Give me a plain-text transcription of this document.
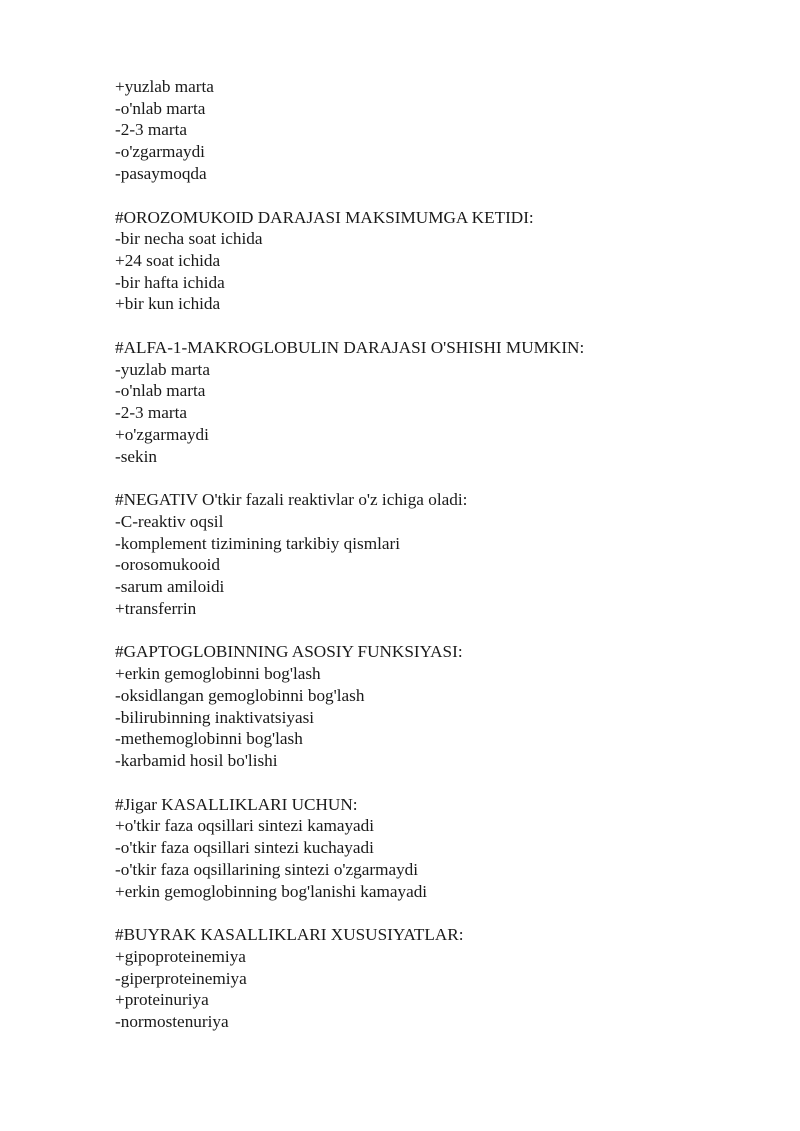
+yuzlab marta
-o'nlab marta
-2-3 marta
-o'zgarmaydi
-pasaymoqda
#OROZOMUKOID DARAJASI MAKSIMUMGA KETIDI:
-bir necha soat ichida
+24 soat ichida
-bir hafta ichida
+bir kun ichida
#ALFA-1-MAKROGLOBULIN DARAJASI O'SHISHI MUMKIN:
-yuzlab marta
-o'nlab marta
-2-3 marta
+o'zgarmaydi
-sekin
#NEGATIV O'tkir fazali reaktivlar o'z ichiga oladi:
-C-reaktiv oqsil
-komplement tizimining tarkibiy qismlari
-orosomukooid
-sarum amiloidi
+transferrin
#GAPTOGLOBINNING ASOSIY FUNKSIYASI:
+erkin gemoglobinni bog'lash
-oksidlangan gemoglobinni bog'lash
-bilirubinning inaktivatsiyasi
-methemoglobinni bog'lash
-karbamid hosil bo'lishi
#Jigar KASALLIKLARI UCHUN:
+o'tkir faza oqsillari sintezi kamayadi
-o'tkir faza oqsillari sintezi kuchayadi
-o'tkir faza oqsillarining sintezi o'zgarmaydi
+erkin gemoglobinning bog'lanishi kamayadi
#BUYRAK KASALLIKLARI XUSUSIYATLAR:
+gipoproteinemiya
-giperproteinemiya
+proteinuriya
-normostenuriya
